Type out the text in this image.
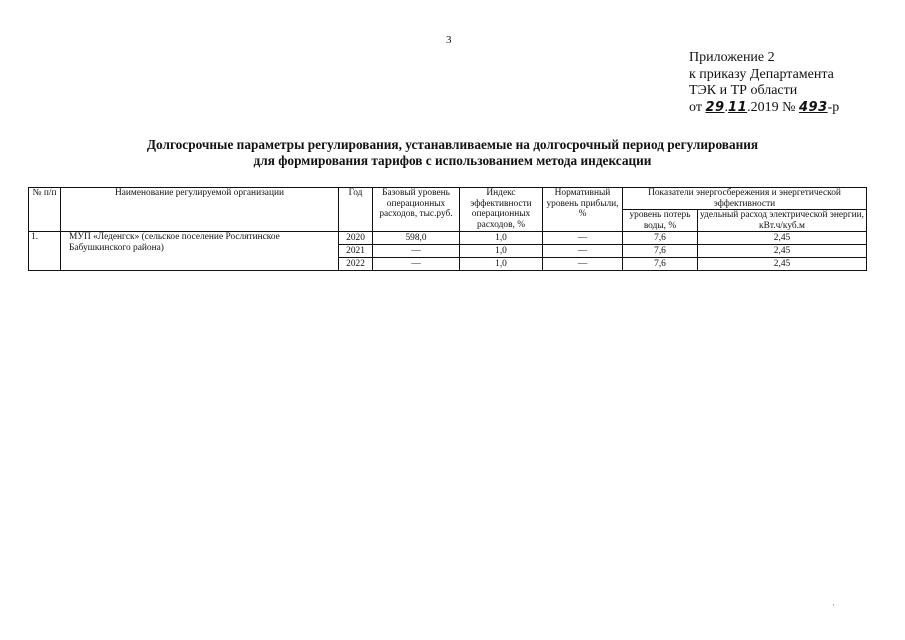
3
Приложение 2
к приказу Департамента
ТЭК и ТР области
от 29.11.2019 № 493-р
Долгосрочные параметры регулирования, устанавливаемые на долгосрочный период регулирования
для формирования тарифов с использованием метода индексации
№ п/п	Наименование регулируемой организации	Год	Базовый уровень операционных расходов, тыс.руб.	Индекс эффективности операционных расходов, %	Нормативный уровень прибыли, %	Показатели энергосбережения и энергетической эффективности	
						уровень потерь воды, %	удельный расход электрической энергии, кВт.ч/куб.м
1.	МУП «Леденгск» (сельское поселение Рослятинское Бабушкинского района)	2020	598,0	1,0	—	7,6	2,45
		2021	—	1,0	—	7,6	2,45
		2022	—	1,0	—	7,6	2,45
·
